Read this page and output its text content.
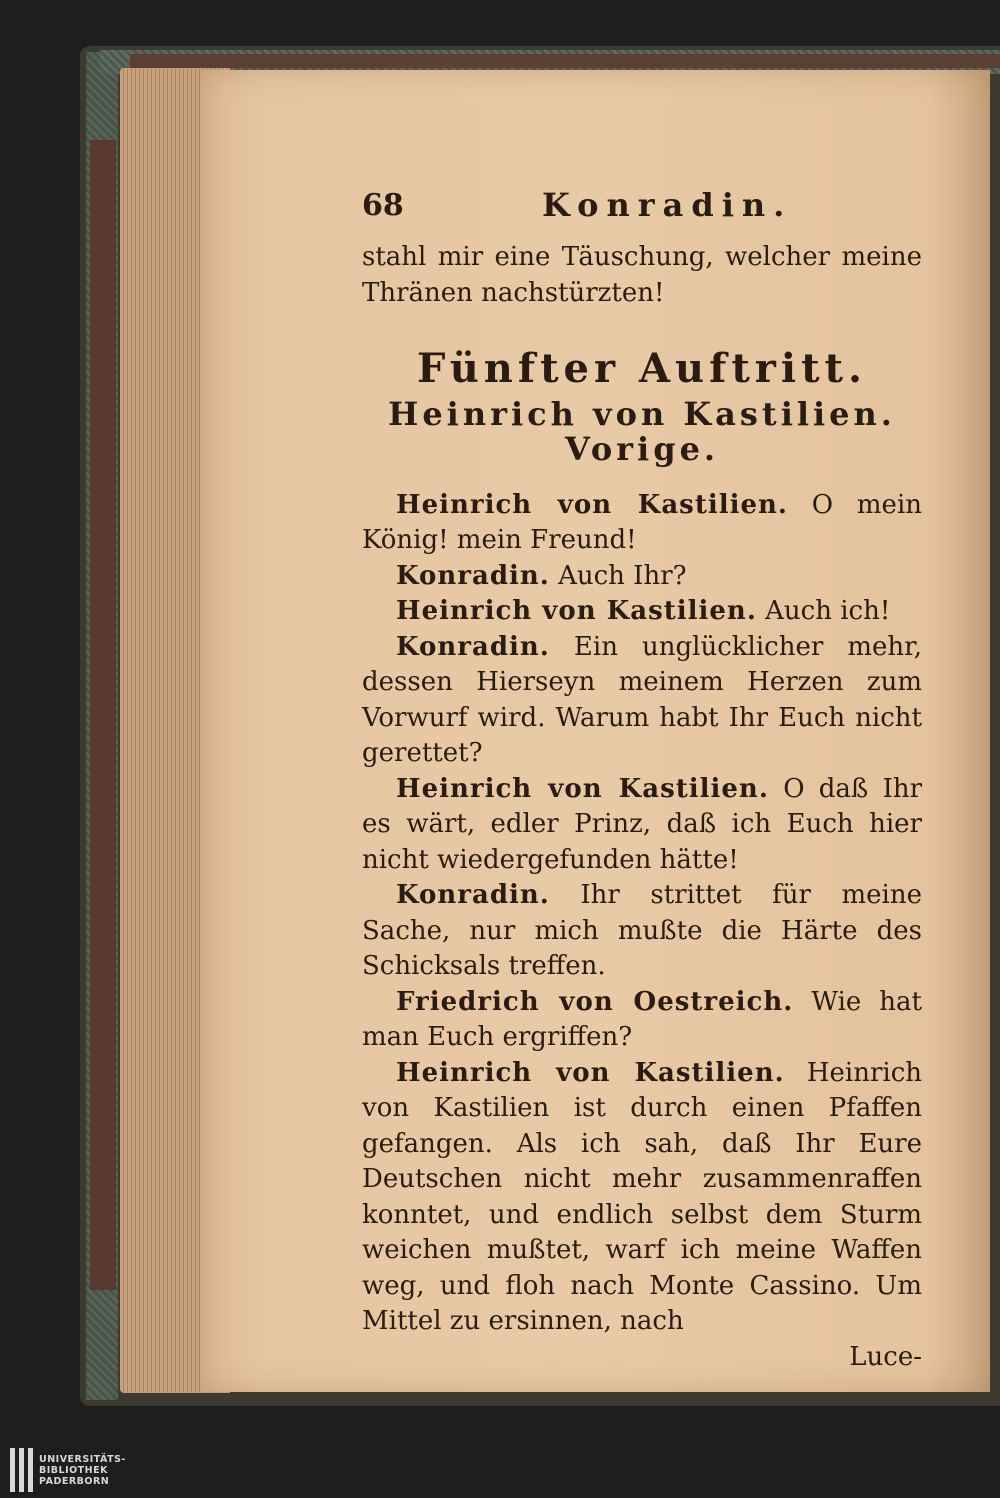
68	Konradin.

stahl mir eine Täuschung, welcher meine Thränen nachstürzten!

Fünfter Auftritt.
Heinrich von Kastilien. Vorige.

Heinrich von Kastilien. O mein König! mein Freund!

Konradin. Auch Ihr?

Heinrich von Kastilien. Auch ich!

Konradin. Ein unglücklicher mehr, dessen Hierseyn meinem Herzen zum Vorwurf wird. Warum habt Ihr Euch nicht gerettet?

Heinrich von Kastilien. O daß Ihr es wärt, edler Prinz, daß ich Euch hier nicht wiedergefunden hätte!

Konradin. Ihr strittet für meine Sache, nur mich mußte die Härte des Schicksals treffen.

Friedrich von Oestreich. Wie hat man Euch ergriffen?

Heinrich von Kastilien. Heinrich von Kastilien ist durch einen Pfaffen gefangen. Als ich sah, daß Ihr Eure Deutschen nicht mehr zusammenraffen konntet, und endlich selbst dem Sturm weichen mußtet, warf ich meine Waffen weg, und floh nach Monte Cassino. Um Mittel zu ersinnen, nach

Luce-

UNIVERSITÄTS-
BIBLIOTHEK
PADERBORN
